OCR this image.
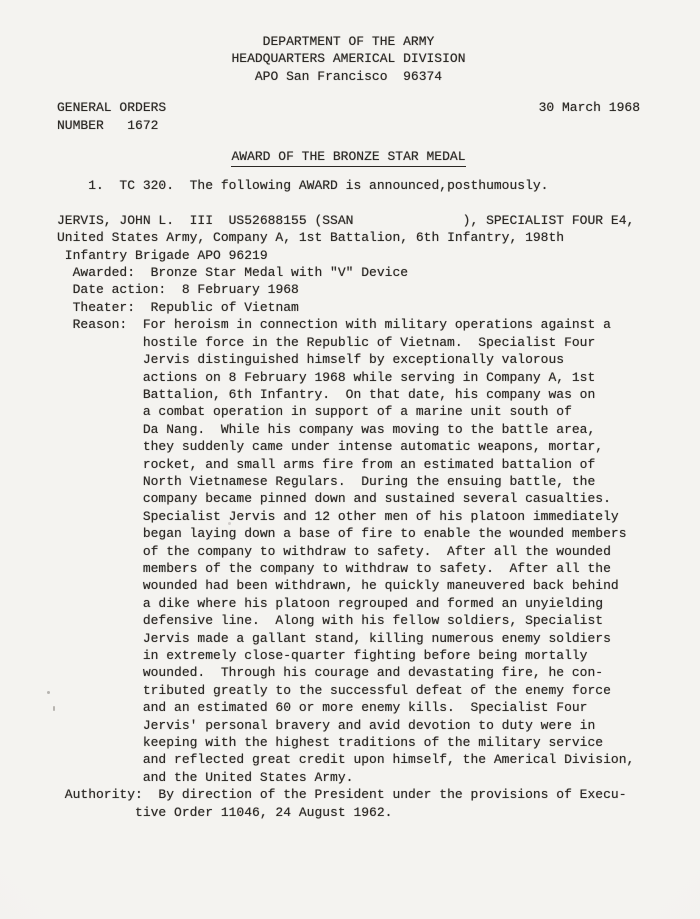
DEPARTMENT OF THE ARMY
HEADQUARTERS AMERICAL DIVISION
APO San Francisco  96374
GENERAL ORDERS
NUMBER   1672
30 March 1968
AWARD OF THE BRONZE STAR MEDAL
1.  TC 320.  The following AWARD is announced,posthumously.
JERVIS, JOHN L.  III  US52688155 (SSAN              ), SPECIALIST FOUR E4,
United States Army, Company A, 1st Battalion, 6th Infantry, 198th
Infantry Brigade APO 96219
Awarded: Bronze Star Medal with "V" Device
Date action: 8 February 1968
Theater: Republic of Vietnam
Reason:	For heroism in connection with military operations against a
hostile force in the Republic of Vietnam.  Specialist Four
Jervis distinguished himself by exceptionally valorous
actions on 8 February 1968 while serving in Company A, 1st
Battalion, 6th Infantry.  On that date, his company was on
a combat operation in support of a marine unit south of
Da Nang.  While his company was moving to the battle area,
they suddenly came under intense automatic weapons, mortar,
rocket, and small arms fire from an estimated battalion of
North Vietnamese Regulars.  During the ensuing battle, the
company became pinned down and sustained several casualties.
Specialist Jervis and 12 other men of his platoon immediately
began laying down a base of fire to enable the wounded members
of the company to withdraw to safety.  After all the wounded
members of the company to withdraw to safety.  After all the
wounded had been withdrawn, he quickly maneuvered back behind
a dike where his platoon regrouped and formed an unyielding
defensive line.  Along with his fellow soldiers, Specialist
Jervis made a gallant stand, killing numerous enemy soldiers
in extremely close-quarter fighting before being mortally
wounded.  Through his courage and devastating fire, he con-
tributed greatly to the successful defeat of the enemy force
and an estimated 60 or more enemy kills.  Specialist Four
Jervis' personal bravery and avid devotion to duty were in
keeping with the highest traditions of the military service
and reflected great credit upon himself, the Americal Division,
and the United States Army.
Authority:  By direction of the President under the provisions of Execu-
tive Order 11046, 24 August 1962.
